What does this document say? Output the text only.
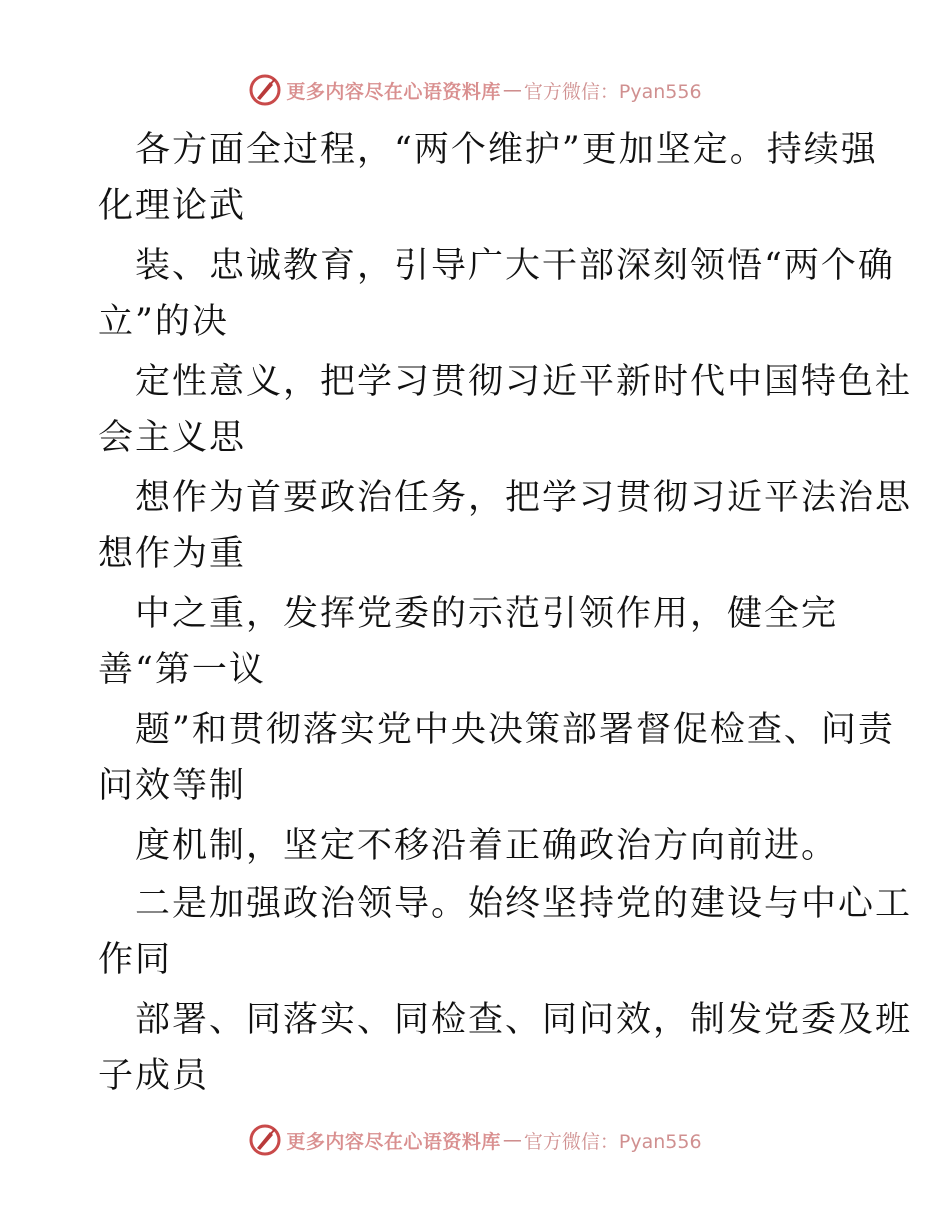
更多内容尽在心语资料库 — 官方微信：Pyan556
各方面全过程，“两个维护”更加坚定。持续强
化理论武
装、忠诚教育，引导广大干部深刻领悟“两个确
立”的决
定性意义，把学习贯彻习近平新时代中国特色社
会主义思
想作为首要政治任务，把学习贯彻习近平法治思
想作为重
中之重，发挥党委的示范引领作用，健全完
善“第一议
题”和贯彻落实党中央决策部署督促检查、问责
问效等制
度机制，坚定不移沿着正确政治方向前进。
二是加强政治领导。始终坚持党的建设与中心工
作同
部署、同落实、同检查、同问效，制发党委及班
子成员
更多内容尽在心语资料库 — 官方微信：Pyan556
